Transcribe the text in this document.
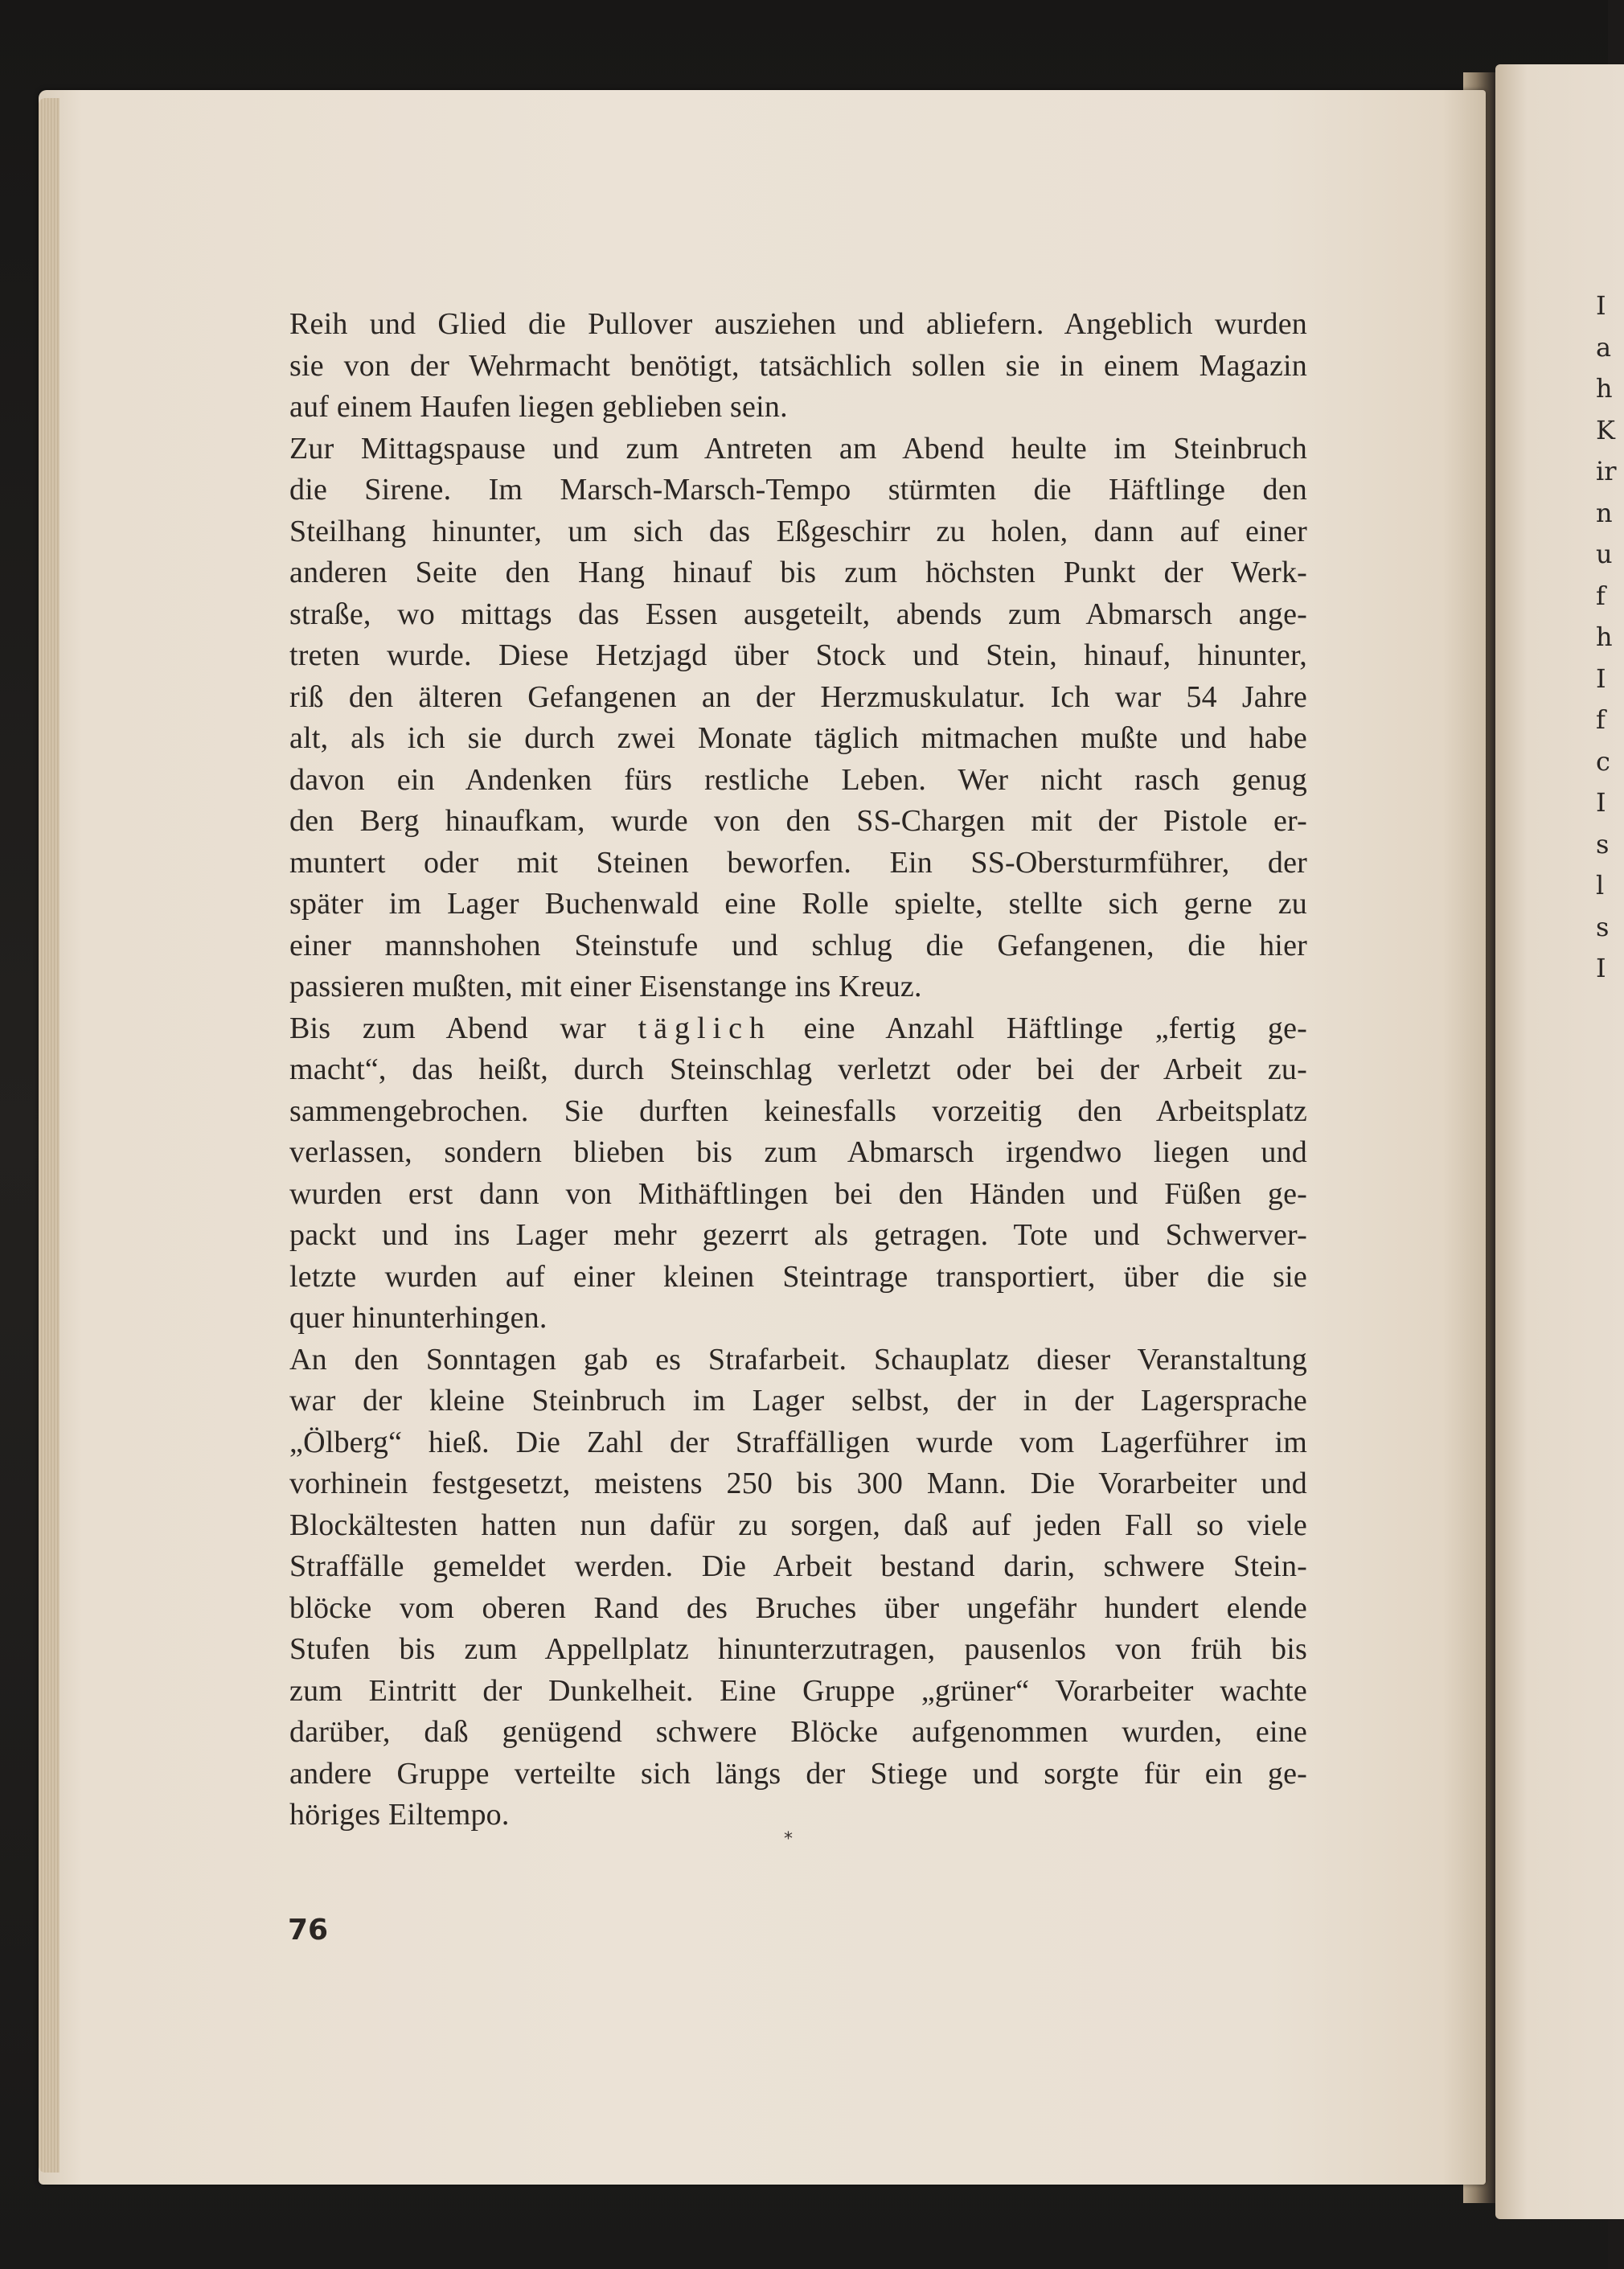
I
a
h
K
ir
n
u
f
h
I
f
c
I
s
l
s
I
Reih und Glied die Pullover ausziehen und abliefern. Angeblich wurden
sie von der Wehrmacht benötigt, tatsächlich sollen sie in einem Magazin
auf einem Haufen liegen geblieben sein.
Zur Mittagspause und zum Antreten am Abend heulte im Steinbruch
die Sirene. Im Marsch-Marsch-Tempo stürmten die Häftlinge den
Steilhang hinunter, um sich das Eßgeschirr zu holen, dann auf einer
anderen Seite den Hang hinauf bis zum höchsten Punkt der Werk-
straße, wo mittags das Essen ausgeteilt, abends zum Abmarsch ange-
treten wurde. Diese Hetzjagd über Stock und Stein, hinauf, hinunter,
riß den älteren Gefangenen an der Herzmuskulatur. Ich war 54 Jahre
alt, als ich sie durch zwei Monate täglich mitmachen mußte und habe
davon ein Andenken fürs restliche Leben. Wer nicht rasch genug
den Berg hinaufkam, wurde von den SS-Chargen mit der Pistole er-
muntert oder mit Steinen beworfen. Ein SS-Obersturmführer, der
später im Lager Buchenwald eine Rolle spielte, stellte sich gerne zu
einer mannshohen Steinstufe und schlug die Gefangenen, die hier
passieren mußten, mit einer Eisenstange ins Kreuz.
Bis zum Abend war täglich eine Anzahl Häftlinge „fertig ge-
macht“, das heißt, durch Steinschlag verletzt oder bei der Arbeit zu-
sammengebrochen. Sie durften keinesfalls vorzeitig den Arbeitsplatz
verlassen, sondern blieben bis zum Abmarsch irgendwo liegen und
wurden erst dann von Mithäftlingen bei den Händen und Füßen ge-
packt und ins Lager mehr gezerrt als getragen. Tote und Schwerver-
letzte wurden auf einer kleinen Steintrage transportiert, über die sie
quer hinunterhingen.
An den Sonntagen gab es Strafarbeit. Schauplatz dieser Veranstaltung
war der kleine Steinbruch im Lager selbst, der in der Lagersprache
„Ölberg“ hieß. Die Zahl der Straffälligen wurde vom Lagerführer im
vorhinein festgesetzt, meistens 250 bis 300 Mann. Die Vorarbeiter und
Blockältesten hatten nun dafür zu sorgen, daß auf jeden Fall so viele
Straffälle gemeldet werden. Die Arbeit bestand darin, schwere Stein-
blöcke vom oberen Rand des Bruches über ungefähr hundert elende
Stufen bis zum Appellplatz hinunterzutragen, pausenlos von früh bis
zum Eintritt der Dunkelheit. Eine Gruppe „grüner“ Vorarbeiter wachte
darüber, daß genügend schwere Blöcke aufgenommen wurden, eine
andere Gruppe verteilte sich längs der Stiege und sorgte für ein ge-
höriges Eiltempo.
*
76
